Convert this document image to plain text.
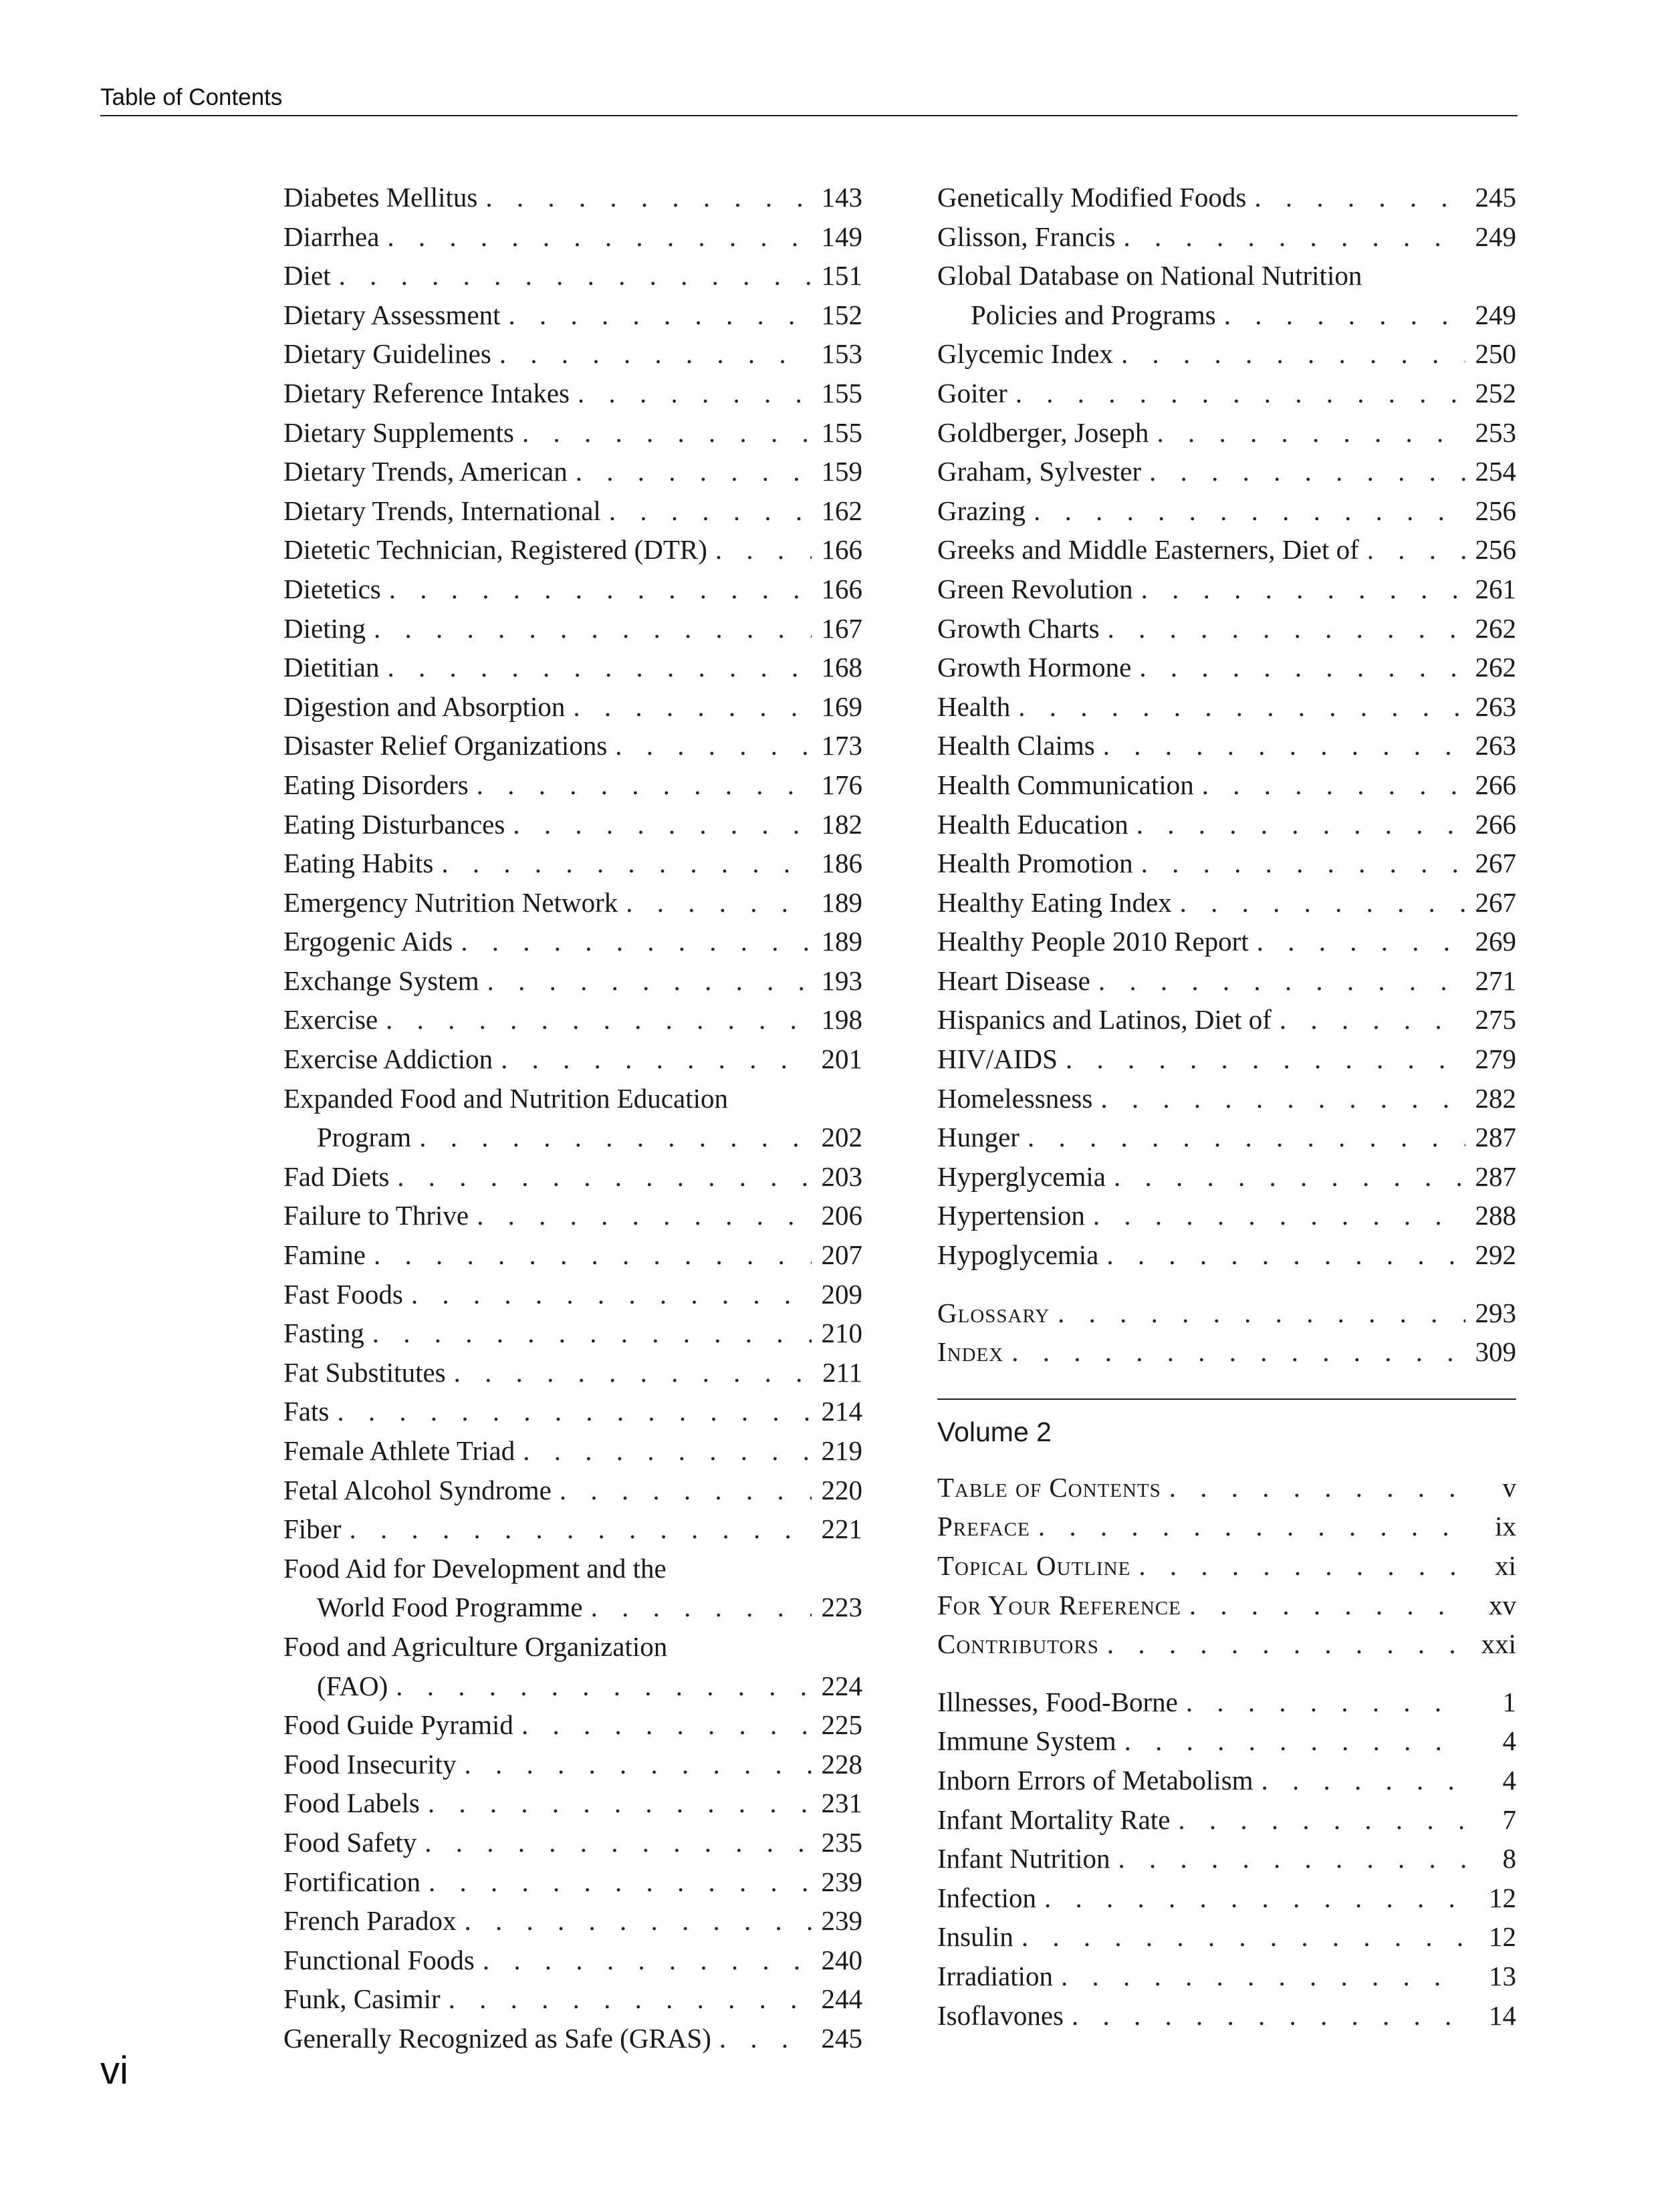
Table of Contents
Diabetes Mellitus . . .	143
Diarrhea . . .	149
Diet . . .	151
Dietary Assessment . . .	152
Dietary Guidelines . . .	153
Dietary Reference Intakes . . .	155
Dietary Supplements . . .	155
Dietary Trends, American . . .	159
Dietary Trends, International . . .	162
Dietetic Technician, Registered (DTR) . . .	166
Dietetics . . .	166
Dieting . . .	167
Dietitian . . .	168
Digestion and Absorption . . .	169
Disaster Relief Organizations . . .	173
Eating Disorders . . .	176
Eating Disturbances . . .	182
Eating Habits . . .	186
Emergency Nutrition Network . . .	189
Ergogenic Aids . . .	189
Exchange System . . .	193
Exercise . . .	198
Exercise Addiction . . .	201
Expanded Food and Nutrition Education
Program . . .	202
Fad Diets . . .	203
Failure to Thrive . . .	206
Famine . . .	207
Fast Foods . . .	209
Fasting . . .	210
Fat Substitutes . . .	211
Fats . . .	214
Female Athlete Triad . . .	219
Fetal Alcohol Syndrome . . .	220
Fiber . . .	221
Food Aid for Development and the
World Food Programme . . .	223
Food and Agriculture Organization
(FAO) . . .	224
Food Guide Pyramid . . .	225
Food Insecurity . . .	228
Food Labels . . .	231
Food Safety . . .	235
Fortification . . .	239
French Paradox . . .	239
Functional Foods . . .	240
Funk, Casimir . . .	244
Generally Recognized as Safe (GRAS) . . .	245
Genetically Modified Foods . . .	245
Glisson, Francis . . .	249
Global Database on National Nutrition
Policies and Programs . . .	249
Glycemic Index . . .	250
Goiter . . .	252
Goldberger, Joseph . . .	253
Graham, Sylvester . . .	254
Grazing . . .	256
Greeks and Middle Easterners, Diet of . . .	256
Green Revolution . . .	261
Growth Charts . . .	262
Growth Hormone . . .	262
Health . . .	263
Health Claims . . .	263
Health Communication . . .	266
Health Education . . .	266
Health Promotion . . .	267
Healthy Eating Index . . .	267
Healthy People 2010 Report . . .	269
Heart Disease . . .	271
Hispanics and Latinos, Diet of . . .	275
HIV/AIDS . . .	279
Homelessness . . .	282
Hunger . . .	287
Hyperglycemia . . .	287
Hypertension . . .	288
Hypoglycemia . . .	292
Glossary . . .	293
Index . . .	309
Volume 2
Table of Contents . . .	v
Preface . . .	ix
Topical Outline . . .	xi
For Your Reference . . .	xv
Contributors . . .	xxi
Illnesses, Food-Borne . . .	1
Immune System . . .	4
Inborn Errors of Metabolism . . .	4
Infant Mortality Rate . . .	7
Infant Nutrition . . .	8
Infection . . .	12
Insulin . . .	12
Irradiation . . .	13
Isoflavones . . .	14
vi
